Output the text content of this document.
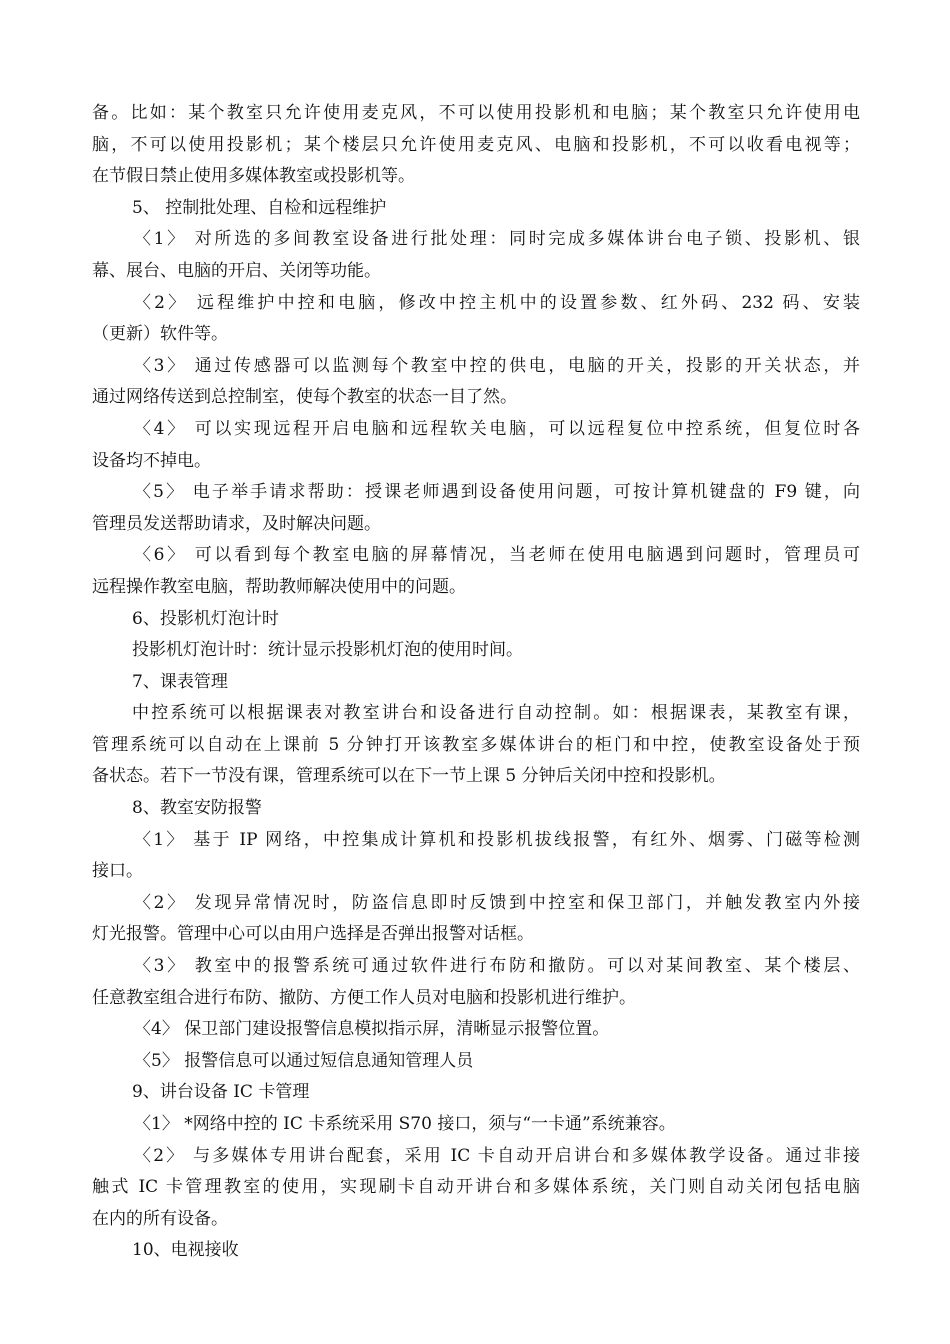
备。比如：某个教室只允许使用麦克风，不可以使用投影机和电脑；某个教室只允许使用电
脑，不可以使用投影机；某个楼层只允许使用麦克风、电脑和投影机，不可以收看电视等；
在节假日禁止使用多媒体教室或投影机等。
5、 控制批处理、自检和远程维护
〈1〉 对所选的多间教室设备进行批处理：同时完成多媒体讲台电子锁、投影机、银
幕、展台、电脑的开启、关闭等功能。
〈2〉 远程维护中控和电脑，修改中控主机中的设置参数、红外码、232 码、安装
（更新）软件等。
〈3〉 通过传感器可以监测每个教室中控的供电，电脑的开关，投影的开关状态，并
通过网络传送到总控制室，使每个教室的状态一目了然。
〈4〉 可以实现远程开启电脑和远程软关电脑，可以远程复位中控系统，但复位时各
设备均不掉电。
〈5〉 电子举手请求帮助：授课老师遇到设备使用问题，可按计算机键盘的 F9 键，向
管理员发送帮助请求，及时解决问题。
〈6〉 可以看到每个教室电脑的屏幕情况，当老师在使用电脑遇到问题时，管理员可
远程操作教室电脑，帮助教师解决使用中的问题。
6、投影机灯泡计时
投影机灯泡计时：统计显示投影机灯泡的使用时间。
7、课表管理
中控系统可以根据课表对教室讲台和设备进行自动控制。如：根据课表，某教室有课，
管理系统可以自动在上课前 5 分钟打开该教室多媒体讲台的柜门和中控，使教室设备处于预
备状态。若下一节没有课，管理系统可以在下一节上课 5 分钟后关闭中控和投影机。
8、教室安防报警
〈1〉 基于 IP 网络，中控集成计算机和投影机拔线报警，有红外、烟雾、门磁等检测
接口。
〈2〉 发现异常情况时，防盗信息即时反馈到中控室和保卫部门，并触发教室内外接
灯光报警。管理中心可以由用户选择是否弹出报警对话框。
〈3〉 教室中的报警系统可通过软件进行布防和撤防。可以对某间教室、某个楼层、
任意教室组合进行布防、撤防、方便工作人员对电脑和投影机进行维护。
〈4〉 保卫部门建设报警信息模拟指示屏，清晰显示报警位置。
〈5〉 报警信息可以通过短信息通知管理人员
9、讲台设备 IC 卡管理
〈1〉 *网络中控的 IC 卡系统采用 S70 接口，须与“一卡通”系统兼容。
〈2〉 与多媒体专用讲台配套，采用 IC 卡自动开启讲台和多媒体教学设备。通过非接
触式 IC 卡管理教室的使用，实现刷卡自动开讲台和多媒体系统，关门则自动关闭包括电脑
在内的所有设备。
10、电视接收
